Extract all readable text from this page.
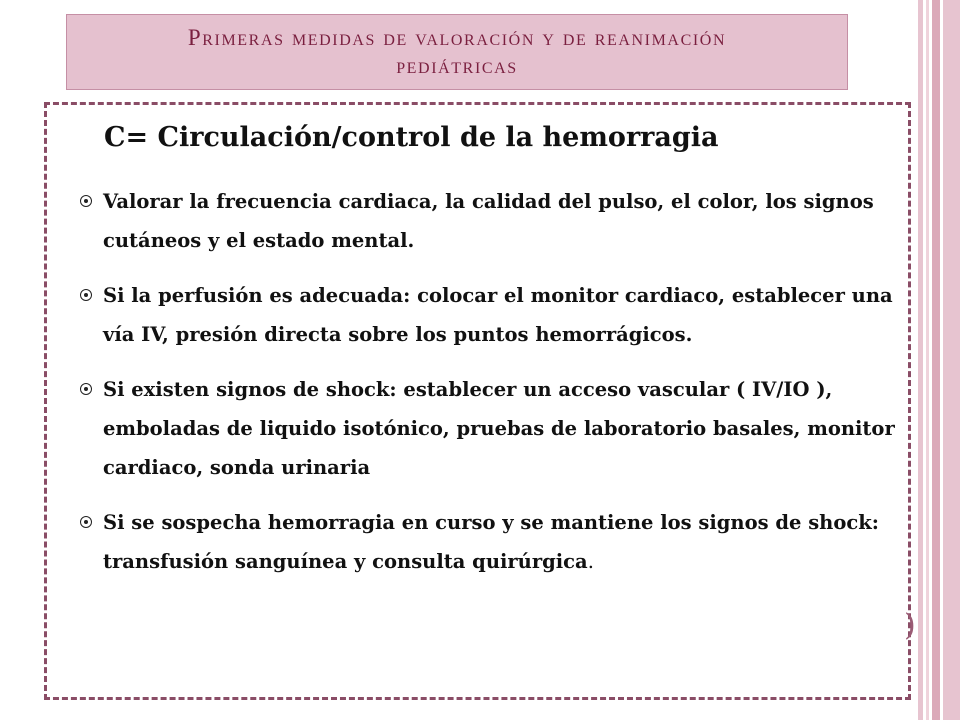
Primeras medidas de valoración y de reanimación
pediátricas
)
C= Circulación/control de la hemorragia
Valorar la frecuencia cardiaca, la calidad del pulso, el color, los signos cutáneos y el estado mental.
Si la perfusión es adecuada: colocar el monitor cardiaco, establecer una vía IV, presión directa sobre los puntos hemorrágicos.
Si existen signos de shock: establecer un acceso vascular ( IV/IO ), emboladas de liquido isotónico, pruebas de laboratorio basales, monitor cardiaco, sonda urinaria
Si se sospecha hemorragia en curso y se mantiene los signos de shock: transfusión sanguínea y consulta quirúrgica.
